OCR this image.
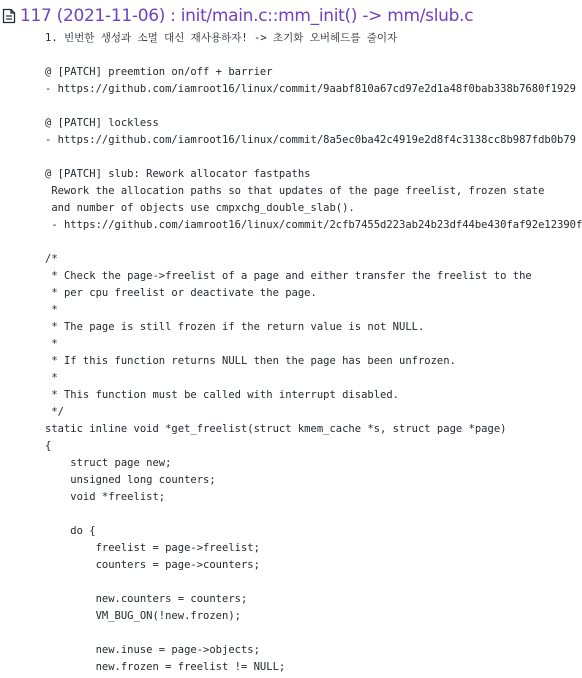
117 (2021-11-06) : init/main.c::mm_init() -> mm/slub.c
1. 빈번한 생성과 소멸 대신 재사용하자! -> 초기화 오버헤드를 줄이자
@ [PATCH] preemtion on/off + barrier
- https://github.com/iamroot16/linux/commit/9aabf810a67cd97e2d1a48f0bab338b7680f1929
@ [PATCH] lockless
- https://github.com/iamroot16/linux/commit/8a5ec0ba42c4919e2d8f4c3138cc8b987fdb0b79
@ [PATCH] slub: Rework allocator fastpaths
Rework the allocation paths so that updates of the page freelist, frozen state
and number of objects use cmpxchg_double_slab().
- https://github.com/iamroot16/linux/commit/2cfb7455d223ab24b23df44be430faf92e12390f
/*
* Check the page->freelist of a page and either transfer the freelist to the
* per cpu freelist or deactivate the page.
*
* The page is still frozen if the return value is not NULL.
*
* If this function returns NULL then the page has been unfrozen.
*
* This function must be called with interrupt disabled.
*/
static inline void *get_freelist(struct kmem_cache *s, struct page *page)
{
struct page new;
unsigned long counters;
void *freelist;
do {
freelist = page->freelist;
counters = page->counters;
new.counters = counters;
VM_BUG_ON(!new.frozen);
new.inuse = page->objects;
new.frozen = freelist != NULL;
